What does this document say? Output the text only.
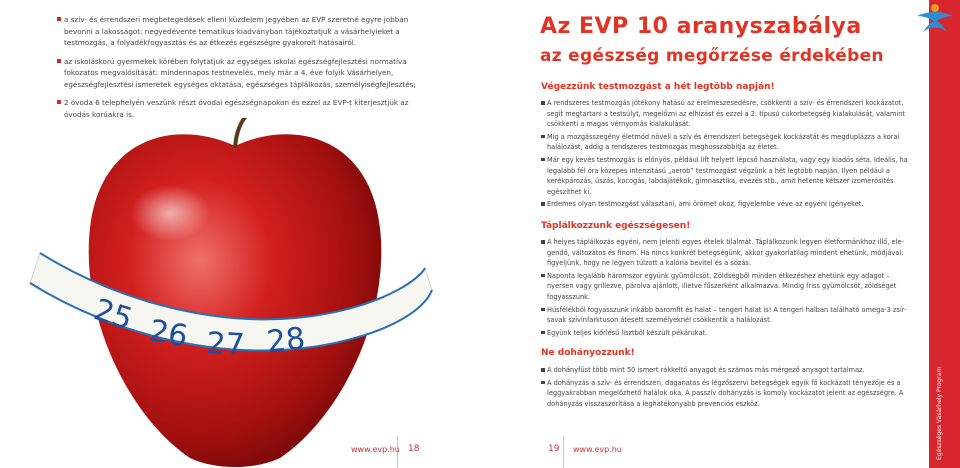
a szív- és érrendszeri megbetegedések elleni küzdelem jegyében az EVP szeretné egyre jobban bevonni a lakosságot: negyedévente tematikus kiadványban tájékoztatjuk a vásárhelyieket a testmozgás, a folyadékfogyasztás és az étkezés egészségre gyakorolt hatásairól.
az iskoláskorú gyermekek körében folytatjuk az egységes iskolai egészségfejlesztési normatíva fokozatos megvalósítását: mindennapos testnevelés, mely már a 4. éve folyik Vásárhelyen, egészségfejlesztési ismeretek egységes oktatása, egészséges táplálkozás, személyiségfejlesztés;
2 óvoda 6 telephelyén veszünk részt óvodai egészségnapokon és ezzel az EVP-t kiterjesztjük az óvodás korúakra is.
25 26 27 28
www.evp.hu 18
Az EVP 10 aranyszabálya
az egészség megőrzése érdekében
Végezzünk testmozgást a hét legtöbb napján!
A rendszeres testmozgás jótékony hatású az érelmeszesedésre, csökkenti a szív- és érrendszeri kockázatot, segít megtartani a testsúlyt, megelőzni az elhízást és ezzel a 2. típusú cukorbetegség kialakulását, valamint csökkenti a magas vérnyomás kialakulását.
Míg a mozgásszegény életmód növeli a szív és érrendszeri betegségek kockázatát és megduplázza a korai halálozást, addig a rendszeres testmozgás meghosszabbítja az életet.
Már egy kevés testmozgás is előnyös, például lift helyett lépcső használata, vagy egy kiadós séta. Ideális, ha legalább fél óra közepes intenzitású „aerob” testmozgást végzünk a hét legtöbb napján. Ilyen például a kerékpározás, úszás, kocogás, labdajátékok, gimnasztika, evezés stb., amit hetente kétszer izomerősítés egészíthet ki.
Érdemes olyan testmozgást választani, ami örömet okoz, figyelembe véve az egyéni igényeket.
Táplálkozzunk egészségesen!
A helyes táplálkozás egyéni, nem jelenti egyes ételek tilalmát. Táplálkozunk legyen életformánkhoz illő, elegendő, változatos és finom. Ha nincs konkrét betegségünk, akkor gyakorlatilag mindent ehetünk, módjával: figyeljünk, hogy ne legyen túlzott a kalória bevitel és a sózás.
Naponta legalább háromszor együnk gyümölcsöt. Zöldségből minden étkezéshez ehetünk egy adagot – nyersen vagy grillezve, párolva ajánlott, illetve fűszerként alkalmazva. Mindig friss gyümölcsöt, zöldséget fogyasszunk.
Húsfélékből fogyasszunk inkább baromfit és halat – tengeri halat is! A tengeri halban található omega-3 zsírsavak szívinfarktuson átesett személyeknél csökkentik a halálozást.
Együnk teljes kiőrlésű lisztből készült pékárukat.
Ne dohányozzunk!
A dohányfüst több mint 50 ismert rákkeltő anyagot és számos más mérgező anyagot tartalmaz.
A dohányzás a szív- és érrendszeri, daganatos és légzőszervi betegségek egyik fő kockázati tényezője és a leggyakrabban megelőzhető halálok oka. A passzív dohányzás is komoly kockázatot jelent az egészségre. A dohányzás visszaszorítása a leghatékonyabb prevenciós eszköz.
19 www.evp.hu	Egészséges Vásárhely Program
